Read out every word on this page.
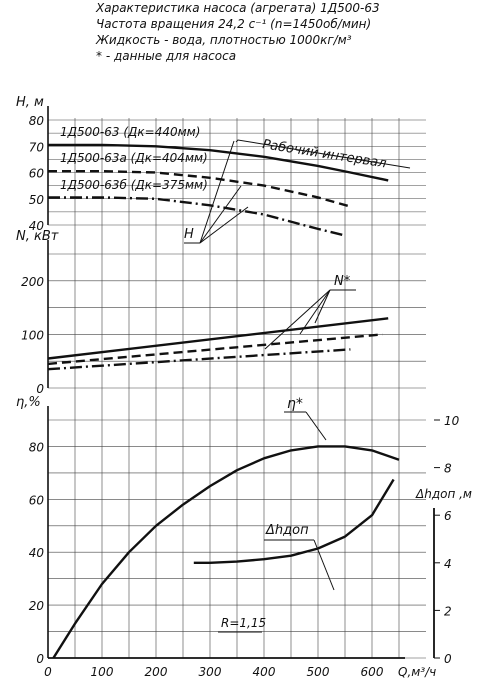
Характеристика насоса (агрегата) 1Д500-63
Частота вращения 24,2 с⁻¹ (n=1450об/мин)
Жидкость - вода, плотностью 1000кг/м³
* - данные для насоса
H, м
40
50
60
70
80
N, кВт
0
100
200
η,%
0
20
40
60
80
1Д500-63 (Дк=440мм)
1Д500-63а (Дк=404мм)
1Д500-63б (Дк=375мм)
Рабочий интервал
H
N*
η*
Δhдоп
R=1,15
Δhдоп ,м
0
2
4
6
8
10
0	100	200	300	400	500	600 Q,м³/ч
